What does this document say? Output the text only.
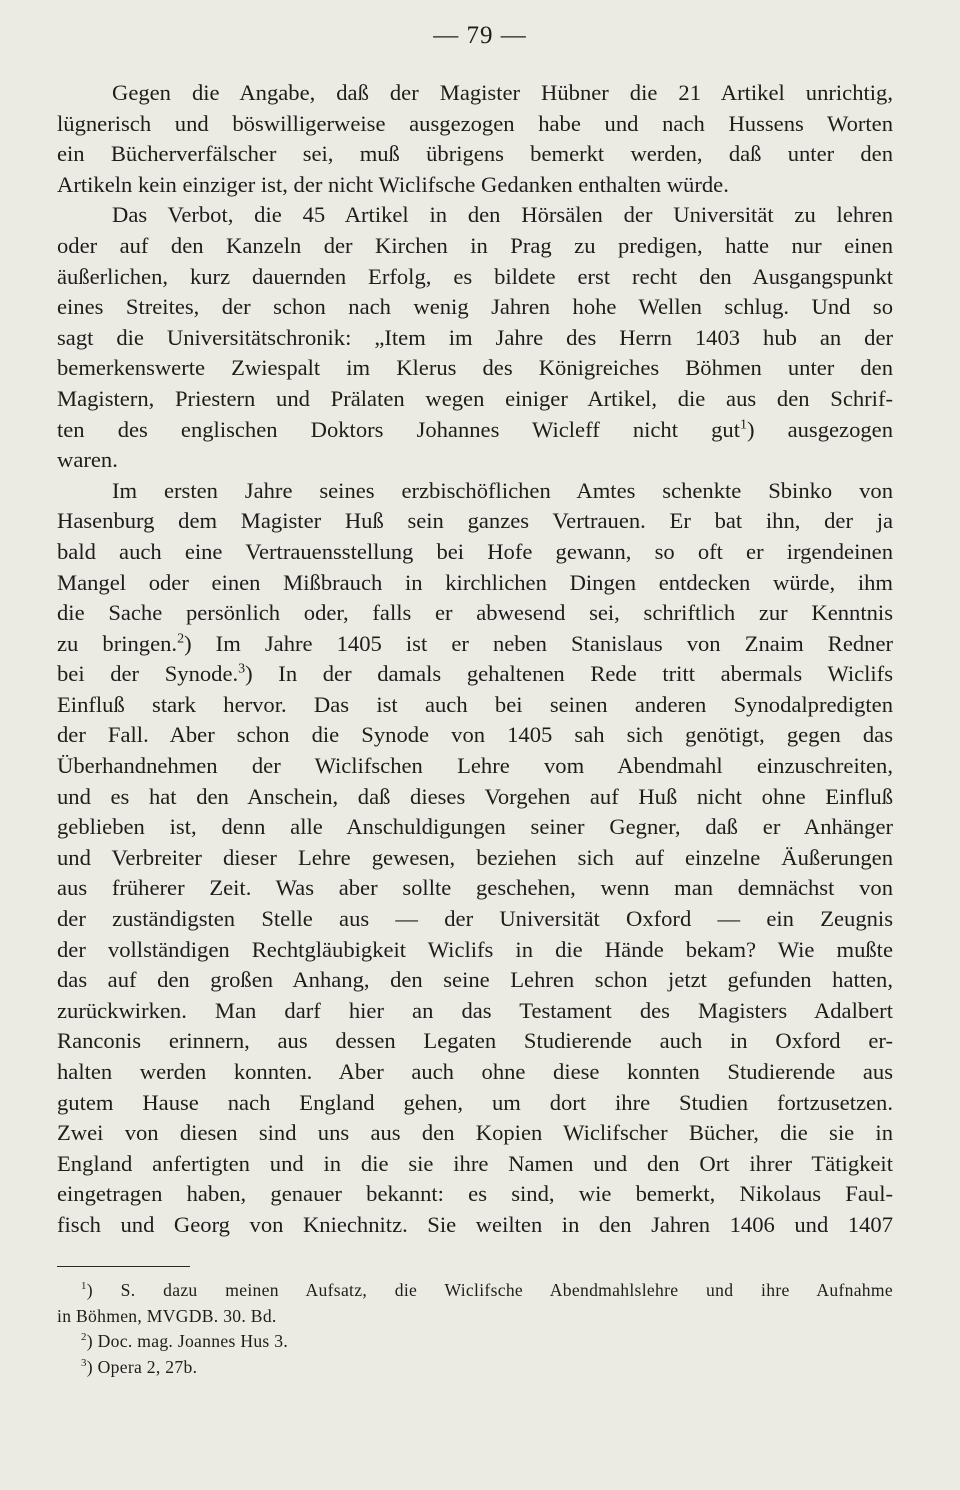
— 79 —
Gegen die Angabe, daß der Magister Hübner die 21 Artikel unrichtig,
lügnerisch und böswilligerweise ausgezogen habe und nach Hussens Worten
ein Bücherverfälscher sei, muß übrigens bemerkt werden, daß unter den
Artikeln kein einziger ist, der nicht Wiclifsche Gedanken enthalten würde.
Das Verbot, die 45 Artikel in den Hörsälen der Universität zu lehren
oder auf den Kanzeln der Kirchen in Prag zu predigen, hatte nur einen
äußerlichen, kurz dauernden Erfolg, es bildete erst recht den Ausgangspunkt
eines Streites, der schon nach wenig Jahren hohe Wellen schlug. Und so
sagt die Universitätschronik: „Item im Jahre des Herrn 1403 hub an der
bemerkenswerte Zwiespalt im Klerus des Königreiches Böhmen unter den
Magistern, Priestern und Prälaten wegen einiger Artikel, die aus den Schrif-
ten des englischen Doktors Johannes Wicleff nicht gut$^1$) ausgezogen
waren.
Im ersten Jahre seines erzbischöflichen Amtes schenkte Sbinko von
Hasenburg dem Magister Huß sein ganzes Vertrauen. Er bat ihn, der ja
bald auch eine Vertrauensstellung bei Hofe gewann, so oft er irgendeinen
Mangel oder einen Mißbrauch in kirchlichen Dingen entdecken würde, ihm
die Sache persönlich oder, falls er abwesend sei, schriftlich zur Kenntnis
zu bringen.$^2$) Im Jahre 1405 ist er neben Stanislaus von Znaim Redner
bei der Synode.$^3$) In der damals gehaltenen Rede tritt abermals Wiclifs
Einfluß stark hervor. Das ist auch bei seinen anderen Synodalpredigten
der Fall. Aber schon die Synode von 1405 sah sich genötigt, gegen das
Überhandnehmen der Wiclifschen Lehre vom Abendmahl einzuschreiten,
und es hat den Anschein, daß dieses Vorgehen auf Huß nicht ohne Einfluß
geblieben ist, denn alle Anschuldigungen seiner Gegner, daß er Anhänger
und Verbreiter dieser Lehre gewesen, beziehen sich auf einzelne Äußerungen
aus früherer Zeit. Was aber sollte geschehen, wenn man demnächst von
der zuständigsten Stelle aus — der Universität Oxford — ein Zeugnis
der vollständigen Rechtgläubigkeit Wiclifs in die Hände bekam? Wie mußte
das auf den großen Anhang, den seine Lehren schon jetzt gefunden hatten,
zurückwirken. Man darf hier an das Testament des Magisters Adalbert
Ranconis erinnern, aus dessen Legaten Studierende auch in Oxford er-
halten werden konnten. Aber auch ohne diese konnten Studierende aus
gutem Hause nach England gehen, um dort ihre Studien fortzusetzen.
Zwei von diesen sind uns aus den Kopien Wiclifscher Bücher, die sie in
England anfertigten und in die sie ihre Namen und den Ort ihrer Tätigkeit
eingetragen haben, genauer bekannt: es sind, wie bemerkt, Nikolaus Faul-
fisch und Georg von Kniechnitz. Sie weilten in den Jahren 1406 und 1407
$^1$) S. dazu meinen Aufsatz, die Wiclifsche Abendmahlslehre und ihre Aufnahme
in Böhmen, MVGDB. 30. Bd.
$^2$) Doc. mag. Joannes Hus 3.
$^3$) Opera 2, 27b.
